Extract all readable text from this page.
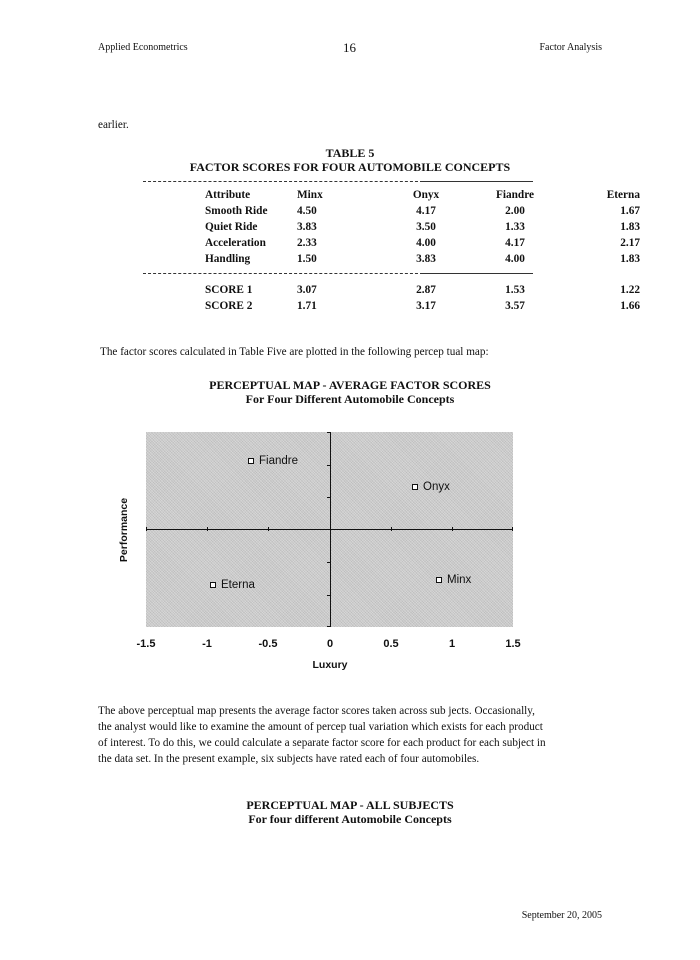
Applied Econometrics	16	Factor Analysis
earlier.
TABLE 5
FACTOR SCORES FOR FOUR AUTOMOBILE CONCEPTS
Attribute	Minx	Onyx	Fiandre	Eterna
Smooth Ride	4.50	4.17	2.00	1.67
Quiet Ride	3.83	3.50	1.33	1.83
Acceleration	2.33	4.00	4.17	2.17
Handling	1.50	3.83	4.00	1.83
SCORE 1	3.07	2.87	1.53	1.22
SCORE 2	1.71	3.17	3.57	1.66
The factor scores calculated in Table Five are plotted in the following percep tual map:
PERCEPTUAL MAP - AVERAGE FACTOR SCORES
For Four Different Automobile Concepts
-1.5	-1	-0.5	0	0.5	1	1.5
Luxury
Performance
Fiandre
Onyx
Eterna	Minx
The above perceptual map presents the average factor scores taken across sub jects. Occasionally,
the analyst would like to examine the amount of percep tual variation which exists for each product
of interest. To do this, we could calculate a separate factor score for each product for each subject in
the data set. In the present example, six subjects have rated each of four automobiles.
PERCEPTUAL MAP - ALL SUBJECTS
For four different Automobile Concepts
September 20, 2005
